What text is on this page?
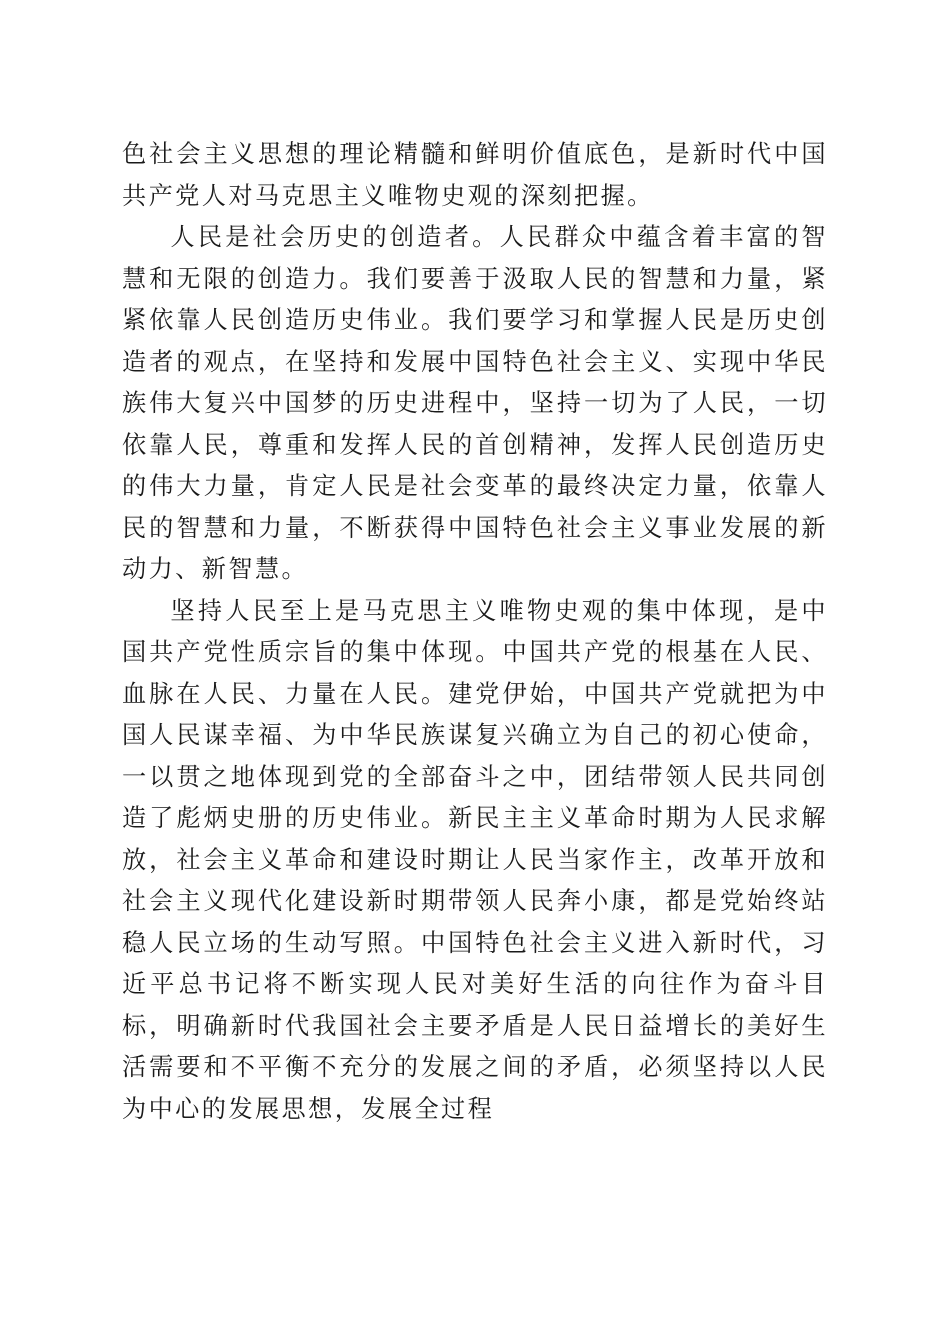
色社会主义思想的理论精髓和鲜明价值底色，是新时代中国共产党人对马克思主义唯物史观的深刻把握。

人民是社会历史的创造者。人民群众中蕴含着丰富的智慧和无限的创造力。我们要善于汲取人民的智慧和力量，紧紧依靠人民创造历史伟业。我们要学习和掌握人民是历史创造者的观点，在坚持和发展中国特色社会主义、实现中华民族伟大复兴中国梦的历史进程中，坚持一切为了人民，一切依靠人民，尊重和发挥人民的首创精神，发挥人民创造历史的伟大力量，肯定人民是社会变革的最终决定力量，依靠人民的智慧和力量，不断获得中国特色社会主义事业发展的新动力、新智慧。

坚持人民至上是马克思主义唯物史观的集中体现，是中国共产党性质宗旨的集中体现。中国共产党的根基在人民、血脉在人民、力量在人民。建党伊始，中国共产党就把为中国人民谋幸福、为中华民族谋复兴确立为自己的初心使命，一以贯之地体现到党的全部奋斗之中，团结带领人民共同创造了彪炳史册的历史伟业。新民主主义革命时期为人民求解放，社会主义革命和建设时期让人民当家作主，改革开放和社会主义现代化建设新时期带领人民奔小康，都是党始终站稳人民立场的生动写照。中国特色社会主义进入新时代，习近平总书记将不断实现人民对美好生活的向往作为奋斗目标，明确新时代我国社会主要矛盾是人民日益增长的美好生活需要和不平衡不充分的发展之间的矛盾，必须坚持以人民为中心的发展思想，发展全过程
